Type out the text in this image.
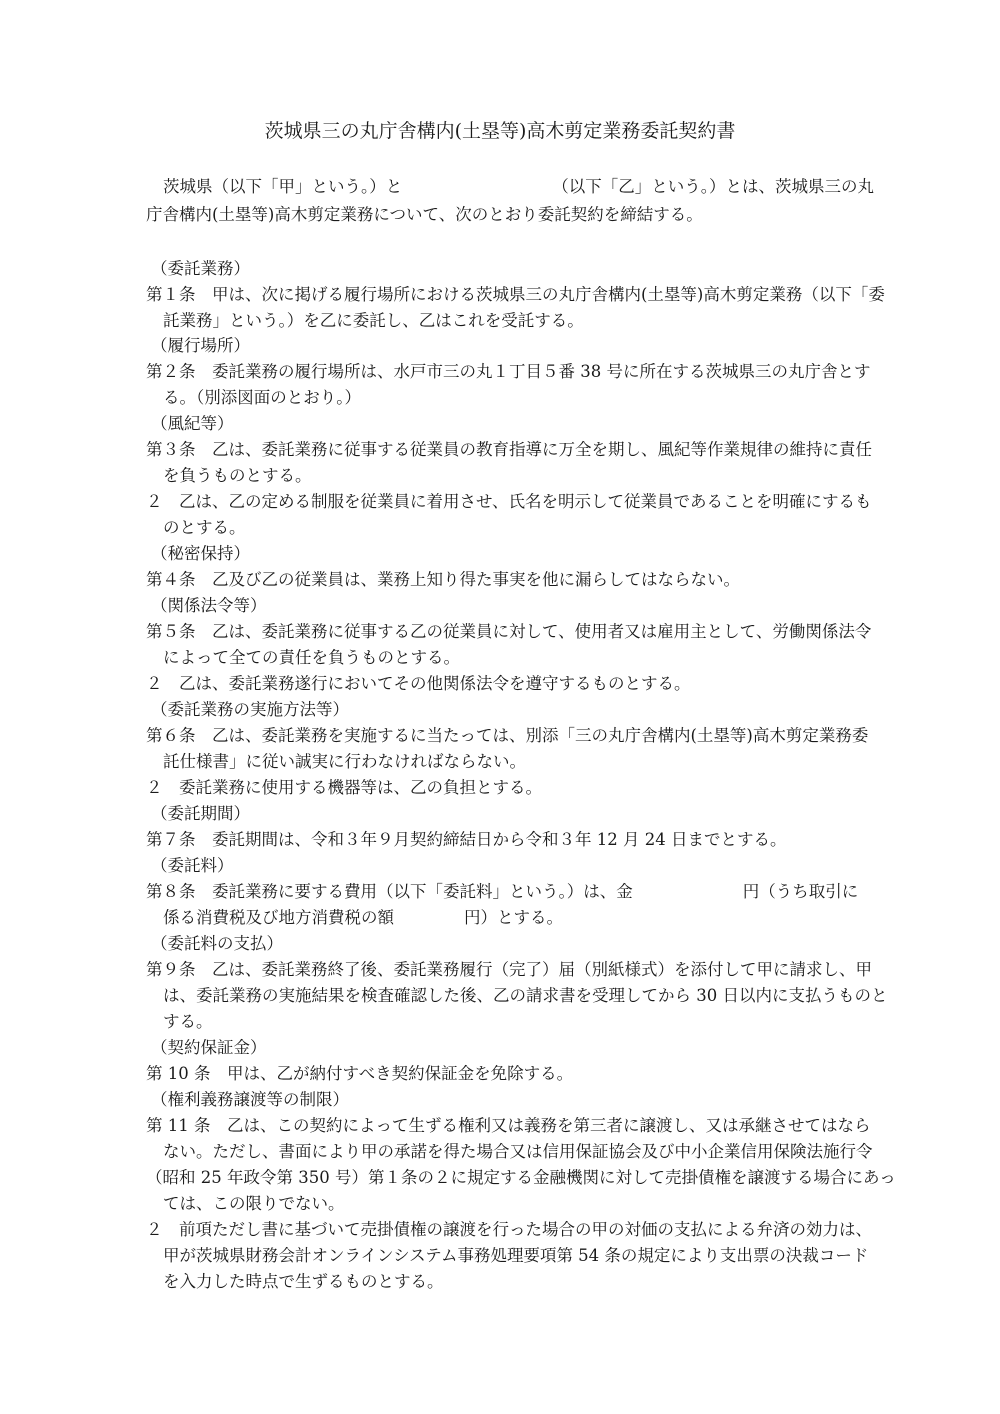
茨城県三の丸庁舎構内(土塁等)高木剪定業務委託契約書
茨城県（以下「甲」という。）と	（以下「乙」という。）とは、茨城県三の丸
庁舎構内(土塁等)高木剪定業務について、次のとおり委託契約を締結する。
（委託業務）
第１条　甲は、次に掲げる履行場所における茨城県三の丸庁舎構内(土塁等)高木剪定業務（以下「委
託業務」という。）を乙に委託し、乙はこれを受託する。
（履行場所）
第２条　委託業務の履行場所は、水戸市三の丸１丁目５番 38 号に所在する茨城県三の丸庁舎とす
る。（別添図面のとおり。）
（風紀等）
第３条　乙は、委託業務に従事する従業員の教育指導に万全を期し、風紀等作業規律の維持に責任
を負うものとする。
２　乙は、乙の定める制服を従業員に着用させ、氏名を明示して従業員であることを明確にするも
のとする。
（秘密保持）
第４条　乙及び乙の従業員は、業務上知り得た事実を他に漏らしてはならない。
（関係法令等）
第５条　乙は、委託業務に従事する乙の従業員に対して、使用者又は雇用主として、労働関係法令
によって全ての責任を負うものとする。
２　乙は、委託業務遂行においてその他関係法令を遵守するものとする。
（委託業務の実施方法等）
第６条　乙は、委託業務を実施するに当たっては、別添「三の丸庁舎構内(土塁等)高木剪定業務委
託仕様書」に従い誠実に行わなければならない。
２　委託業務に使用する機器等は、乙の負担とする。
（委託期間）
第７条　委託期間は、令和３年９月契約締結日から令和３年 12 月 24 日までとする。
（委託料）
第８条　委託業務に要する費用（以下「委託料」という。）は、金	円（うち取引に
係る消費税及び地方消費税の額	円）とする。
（委託料の支払）
第９条　乙は、委託業務終了後、委託業務履行（完了）届（別紙様式）を添付して甲に請求し、甲
は、委託業務の実施結果を検査確認した後、乙の請求書を受理してから 30 日以内に支払うものと
する。
（契約保証金）
第 10 条　甲は、乙が納付すべき契約保証金を免除する。
（権利義務譲渡等の制限）
第 11 条　乙は、この契約によって生ずる権利又は義務を第三者に譲渡し、又は承継させてはなら
ない。ただし、書面により甲の承諾を得た場合又は信用保証協会及び中小企業信用保険法施行令
（昭和 25 年政令第 350 号）第１条の２に規定する金融機関に対して売掛債権を譲渡する場合にあっ
ては、この限りでない。
２　前項ただし書に基づいて売掛債権の譲渡を行った場合の甲の対価の支払による弁済の効力は、
甲が茨城県財務会計オンラインシステム事務処理要項第 54 条の規定により支出票の決裁コード
を入力した時点で生ずるものとする。
